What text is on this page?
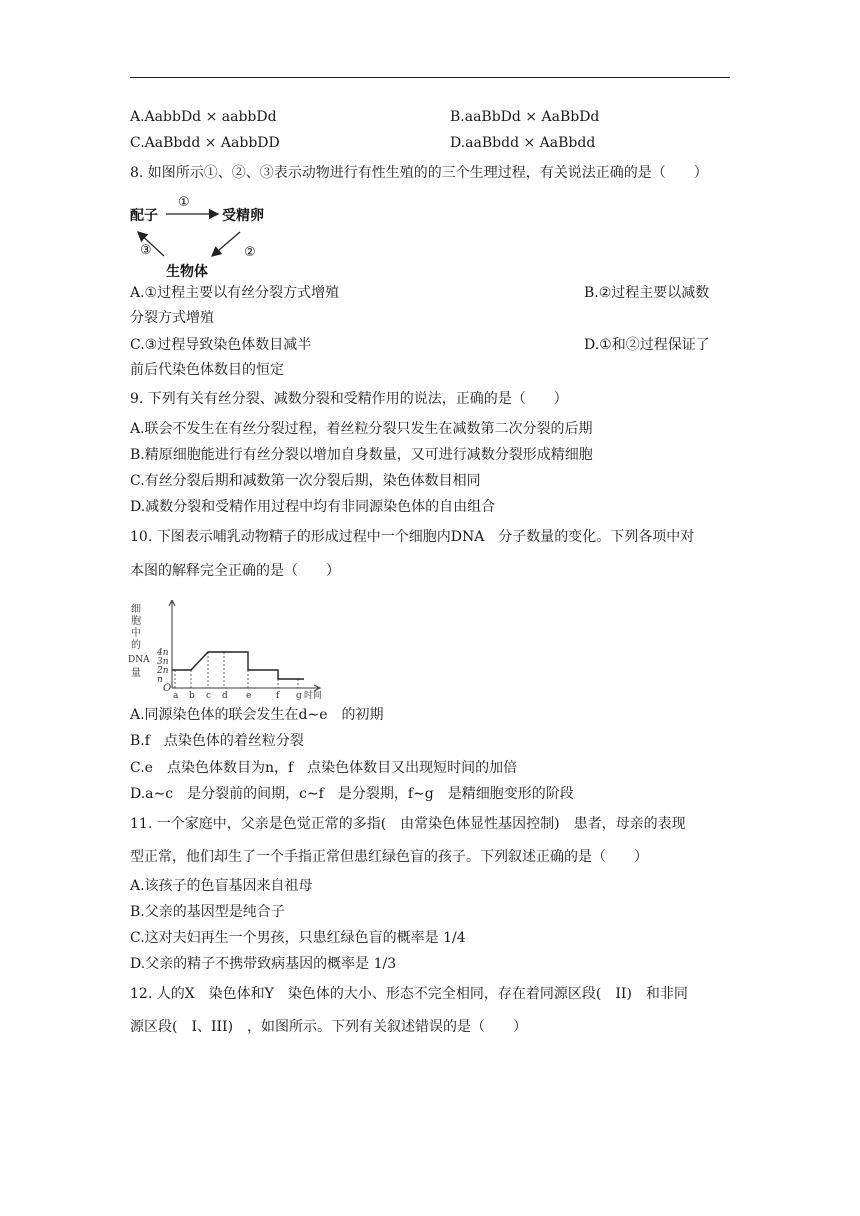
A.AabbDd × aabbDd	B.aaBbDd × AaBbDd
C.AaBbdd × AabbDD	D.aaBbdd × AaBbdd
8. 如图所示①、②、③表示动物进行有性生殖的的三个生理过程，有关说法正确的是（　　）
配子	受精卵
生物体
①
②
③
A.①过程主要以有丝分裂方式增殖	B.②过程主要以减数
分裂方式增殖
C.③过程导致染色体数目减半	D.①和②过程保证了
前后代染色体数目的恒定
9. 下列有关有丝分裂、减数分裂和受精作用的说法，正确的是（　　）
A.联会不发生在有丝分裂过程，着丝粒分裂只发生在减数第二次分裂的后期
B.精原细胞能进行有丝分裂以增加自身数量，又可进行减数分裂形成精细胞
C.有丝分裂后期和减数第一次分裂后期，染色体数目相同
D.减数分裂和受精作用过程中均有非同源染色体的自由组合
10. 下图表示哺乳动物精子的形成过程中一个细胞内DNA　分子数量的变化。下列各项中对
本图的解释完全正确的是（　　）
细
胞
中
的
DNA
量
O
4n
3n
2n
n
a b c d e	f g 时间
A.同源染色体的联会发生在d∼e　的初期
B.f　点染色体的着丝粒分裂
C.e　点染色体数目为n，f　点染色体数目又出现短时间的加倍
D.a∼c　是分裂前的间期，c∼f　是分裂期，f∼g　是精细胞变形的阶段
11. 一个家庭中，父亲是色觉正常的多指(　由常染色体显性基因控制)　患者，母亲的表现
型正常，他们却生了一个手指正常但患红绿色盲的孩子。下列叙述正确的是（　　）
A.该孩子的色盲基因来自祖母
B.父亲的基因型是纯合子
C.这对夫妇再生一个男孩，只患红绿色盲的概率是 1/4
D.父亲的精子不携带致病基因的概率是 1/3
12. 人的X　染色体和Y　染色体的大小、形态不完全相同，存在着同源区段(　II)　和非同
源区段(　I、III)　，如图所示。下列有关叙述错误的是（　　）
